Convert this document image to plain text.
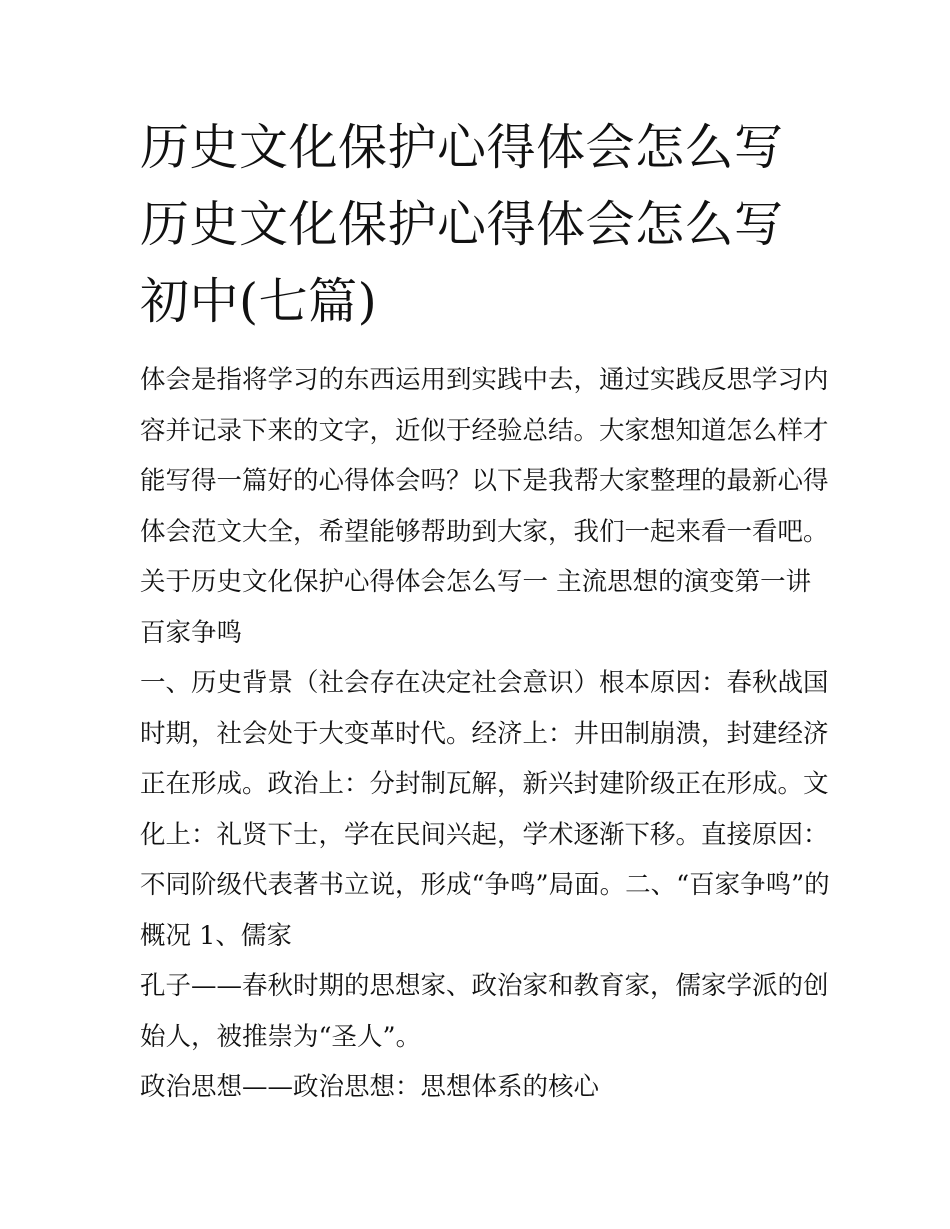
历史文化保护心得体会怎么写
历史文化保护心得体会怎么写
初中(七篇)
体会是指将学习的东西运用到实践中去，通过实践反思学习内
容并记录下来的文字，近似于经验总结。大家想知道怎么样才
能写得一篇好的心得体会吗？以下是我帮大家整理的最新心得
体会范文大全，希望能够帮助到大家，我们一起来看一看吧。
关于历史文化保护心得体会怎么写一 主流思想的演变第一讲
百家争鸣
一、历史背景（社会存在决定社会意识）根本原因：春秋战国
时期，社会处于大变革时代。经济上：井田制崩溃，封建经济
正在形成。政治上：分封制瓦解，新兴封建阶级正在形成。文
化上：礼贤下士，学在民间兴起，学术逐渐下移。直接原因：
不同阶级代表著书立说，形成“争鸣”局面。二、“百家争鸣”的
概况 1、儒家
孔子——春秋时期的思想家、政治家和教育家，儒家学派的创
始人，被推崇为“圣人”。
政治思想——政治思想：思想体系的核心
